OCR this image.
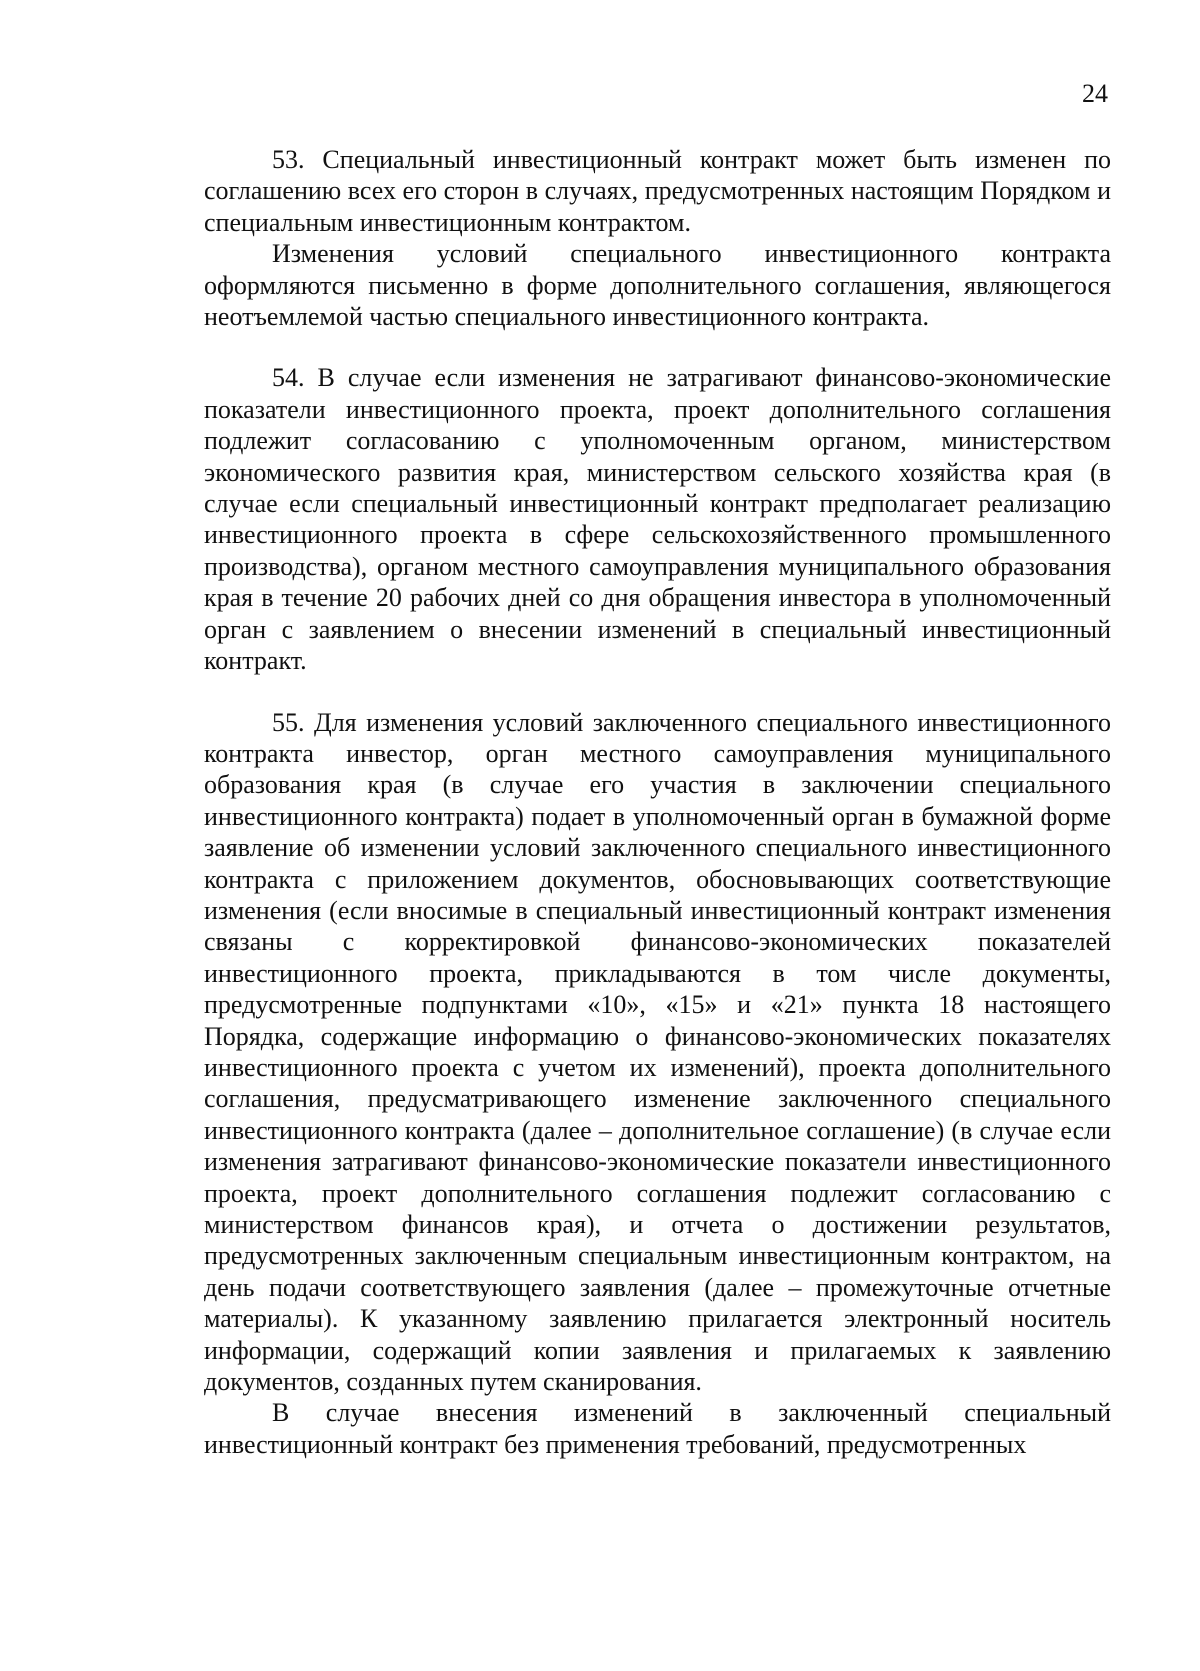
24

53. Специальный инвестиционный контракт может быть изменен по соглашению всех его сторон в случаях, предусмотренных настоящим Порядком и специальным инвестиционным контрактом.

Изменения условий специального инвестиционного контракта оформляются письменно в форме дополнительного соглашения, являющегося неотъемлемой частью специального инвестиционного контракта.

54. В случае если изменения не затрагивают финансово-экономические показатели инвестиционного проекта, проект дополнительного соглашения подлежит согласованию с уполномоченным органом, министерством экономического развития края, министерством сельского хозяйства края (в случае если специальный инвестиционный контракт предполагает реализацию инвестиционного проекта в сфере сельскохозяйственного промышленного производства), органом местного самоуправления муниципального образования края в течение 20 рабочих дней со дня обращения инвестора в уполномоченный орган с заявлением о внесении изменений в специальный инвестиционный контракт.

55. Для изменения условий заключенного специального инвестиционного контракта инвестор, орган местного самоуправления муниципального образования края (в случае его участия в заключении специального инвестиционного контракта) подает в уполномоченный орган в бумажной форме заявление об изменении условий заключенного специального инвестиционного контракта с приложением документов, обосновывающих соответствующие изменения (если вносимые в специальный инвестиционный контракт изменения связаны с корректировкой финансово-экономических показателей инвестиционного проекта, прикладываются в том числе документы, предусмотренные подпунктами «10», «15» и «21» пункта 18 настоящего Порядка, содержащие информацию о финансово-экономических показателях инвестиционного проекта с учетом их изменений), проекта дополнительного соглашения, предусматривающего изменение заключенного специального инвестиционного контракта (далее – дополнительное соглашение) (в случае если изменения затрагивают финансово-экономические показатели инвестиционного проекта, проект дополнительного соглашения подлежит согласованию с министерством финансов края), и отчета о достижении результатов, предусмотренных заключенным специальным инвестиционным контрактом, на день подачи соответствующего заявления (далее – промежуточные отчетные материалы). К указанному заявлению прилагается электронный носитель информации, содержащий копии заявления и прилагаемых к заявлению документов, созданных путем сканирования.

В случае внесения изменений в заключенный специальный инвестиционный контракт без применения требований, предусмотренных
